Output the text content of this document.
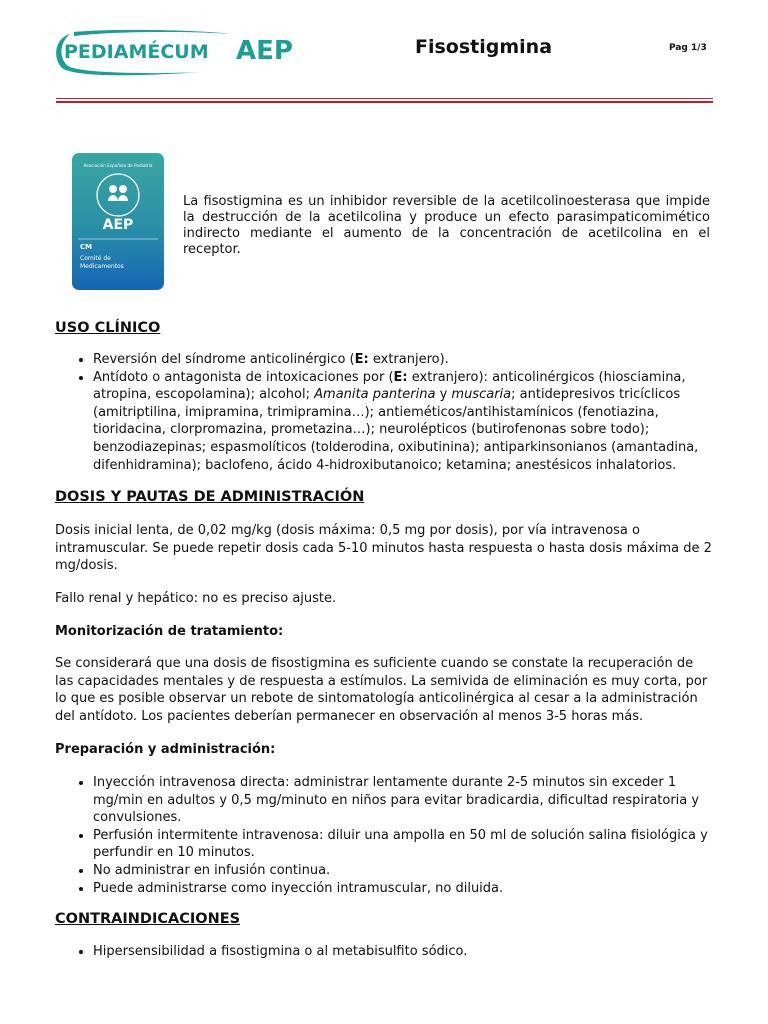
PEDIAMÉCUM AEP	Fisostigmina	Pag 1/3
Asociación Española de Pediatría
AEP
CM
Comité de
Medicamentos

La fisostigmina es un inhibidor reversible de la acetilcolinoesterasa que impide la destrucción de la acetilcolina y produce un efecto parasimpaticomimético indirecto mediante el aumento de la concentración de acetilcolina en el receptor.

USO CLÍNICO
• Reversión del síndrome anticolinérgico (E: extranjero).
• Antídoto o antagonista de intoxicaciones por (E: extranjero): anticolinérgicos (hiosciamina, atropina, escopolamina); alcohol; Amanita panterina y muscaria; antidepresivos tricíclicos (amitriptilina, imipramina, trimipramina…); antieméticos/antihistamínicos (fenotiazina, tioridacina, clorpromazina, prometazina…); neurolépticos (butirofenonas sobre todo); benzodiazepinas; espasmolíticos (tolderodina, oxibutinina); antiparkinsonianos (amantadina, difenhidramina); baclofeno, ácido 4-hidroxibutanoico; ketamina; anestésicos inhalatorios.
DOSIS Y PAUTAS DE ADMINISTRACIÓN

Dosis inicial lenta, de 0,02 mg/kg (dosis máxima: 0,5 mg por dosis), por vía intravenosa o intramuscular. Se puede repetir dosis cada 5-10 minutos hasta respuesta o hasta dosis máxima de 2 mg/dosis.

Fallo renal y hepático: no es preciso ajuste.

Monitorización de tratamiento:

Se considerará que una dosis de fisostigmina es suficiente cuando se constate la recuperación de las capacidades mentales y de respuesta a estímulos. La semivida de eliminación es muy corta, por lo que es posible observar un rebote de sintomatología anticolinérgica al cesar a la administración del antídoto. Los pacientes deberían permanecer en observación al menos 3-5 horas más.

Preparación y administración:

• Inyección intravenosa directa: administrar lentamente durante 2-5 minutos sin exceder 1 mg/min en adultos y 0,5 mg/minuto en niños para evitar bradicardia, dificultad respiratoria y convulsiones.
• Perfusión intermitente intravenosa: diluir una ampolla en 50 ml de solución salina fisiológica y perfundir en 10 minutos.
• No administrar en infusión continua.
• Puede administrarse como inyección intramuscular, no diluida.
CONTRAINDICACIONES
• Hipersensibilidad a fisostigmina o al metabisulfito sódico.
